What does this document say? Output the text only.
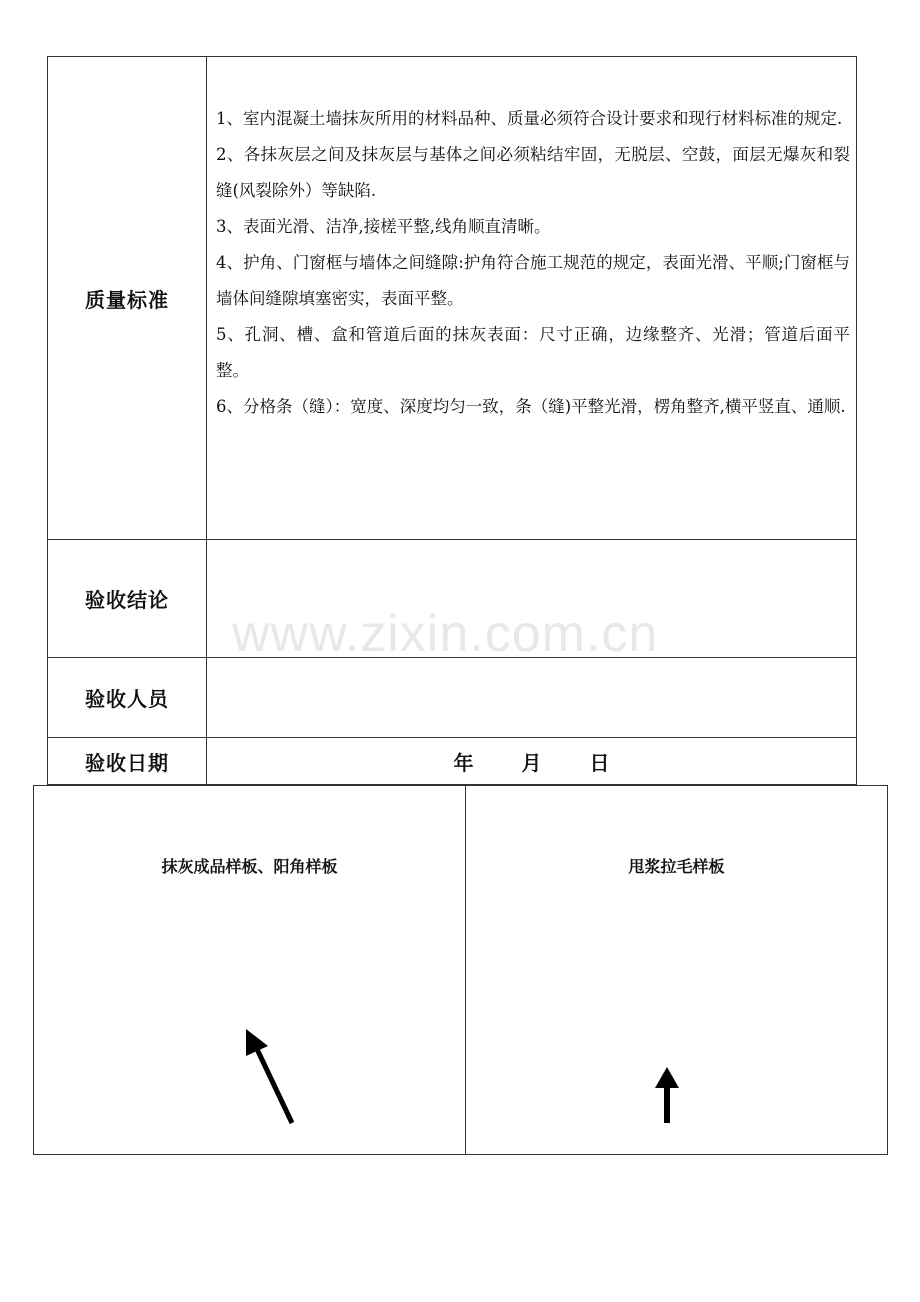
质量标准

1、室内混凝土墙抹灰所用的材料品种、质量必须符合设计要求和现行材料标准的规定.

2、各抹灰层之间及抹灰层与基体之间必须粘结牢固，无脱层、空鼓，面层无爆灰和裂缝(风裂除外）等缺陷.

3、表面光滑、洁净,接槎平整,线角顺直清晰。

4、护角、门窗框与墙体之间缝隙:护角符合施工规范的规定，表面光滑、平顺;门窗框与墙体间缝隙填塞密实，表面平整。

5、孔洞、槽、盒和管道后面的抹灰表面：尺寸正确，边缘整齐、光滑；管道后面平整。

6、分格条（缝）：宽度、深度均匀一致，条（缝)平整光滑，楞角整齐,横平竖直、通顺.

验收结论
验收人员
验收日期	年 月 日
www.zixin.com.cn
抹灰成品样板、阳角样板	甩浆拉毛样板
